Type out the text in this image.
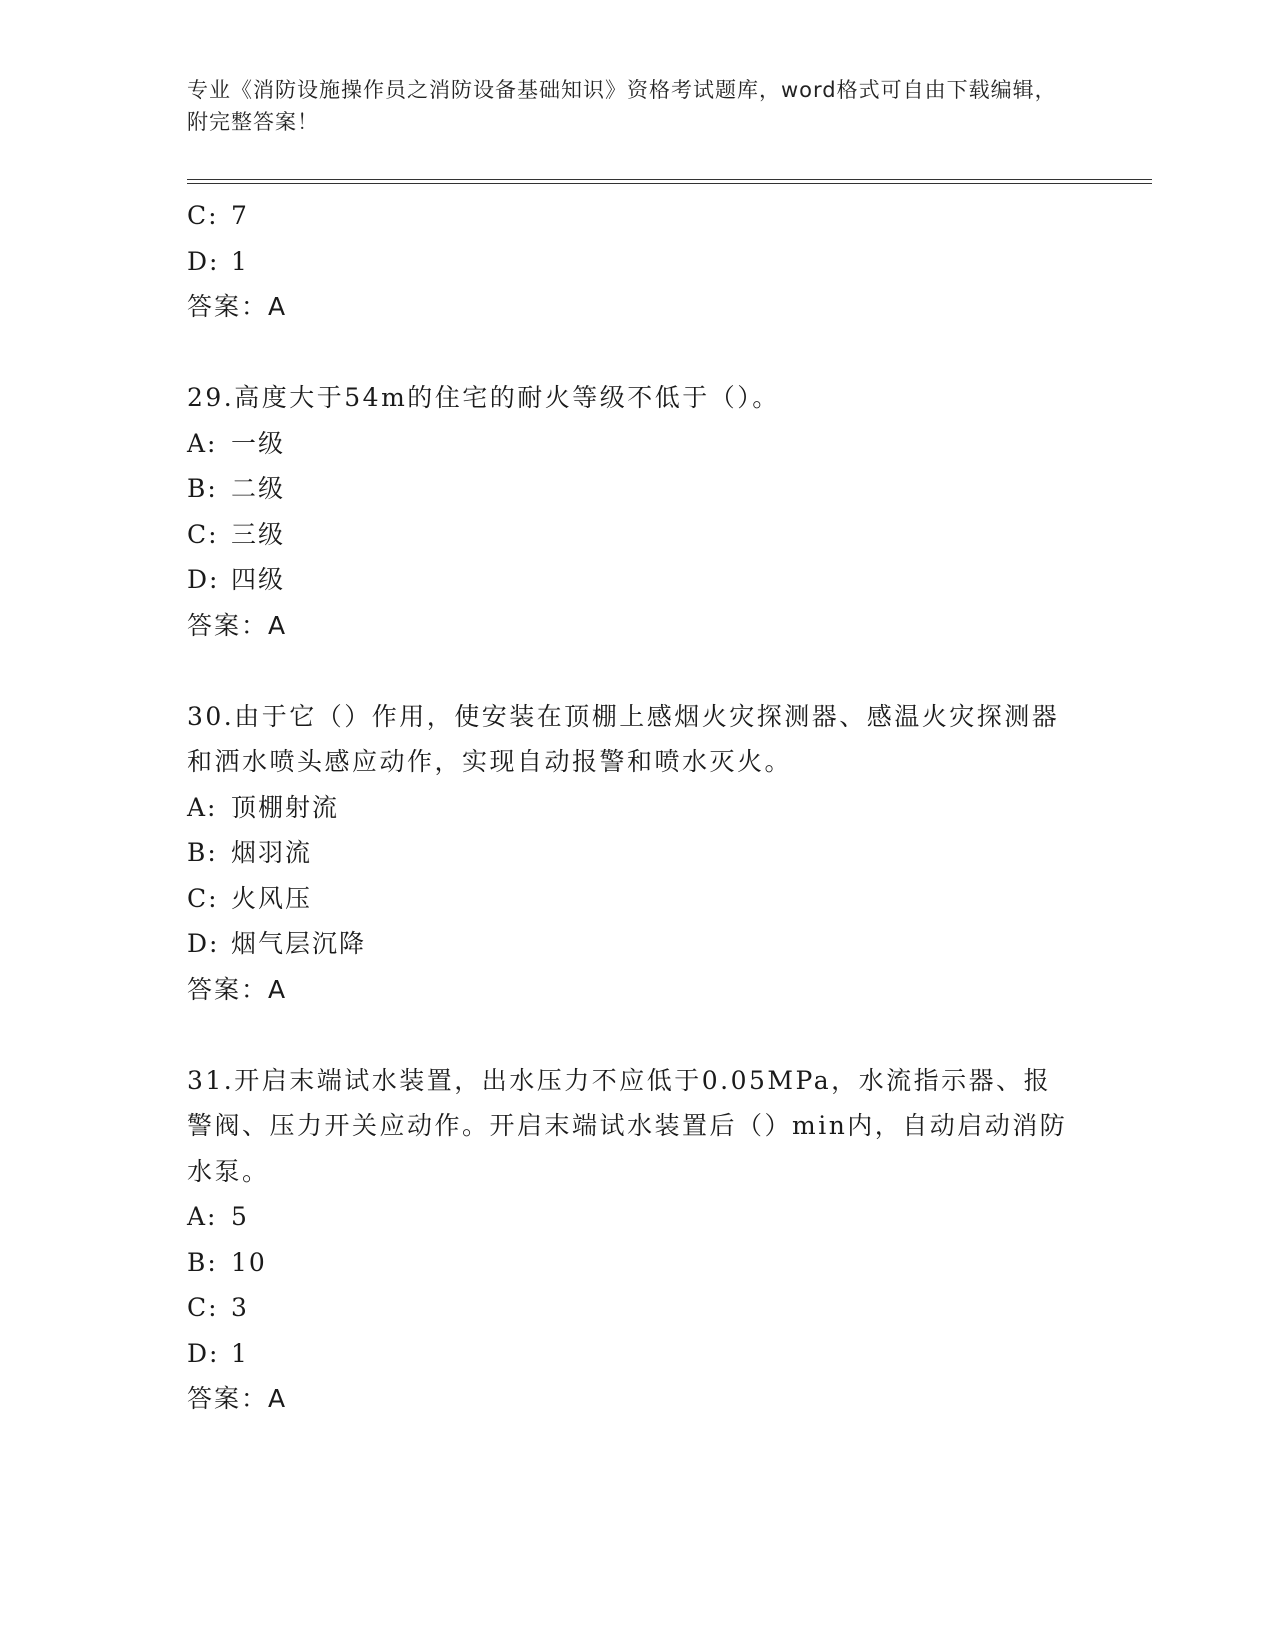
专业《消防设施操作员之消防设备基础知识》资格考试题库，word格式可自由下载编辑，附完整答案！
C: 7
D: 1
答案：A
29.高度大于54m的住宅的耐火等级不低于（）。
A: 一级
B: 二级
C: 三级
D: 四级
答案：A
30.由于它（）作用，使安装在顶棚上感烟火灾探测器、感温火灾探测器和洒水喷头感应动作，实现自动报警和喷水灭火。
A: 顶棚射流
B: 烟羽流
C: 火风压
D: 烟气层沉降
答案：A
31.开启末端试水装置，出水压力不应低于0.05MPa，水流指示器、报警阀、压力开关应动作。开启末端试水装置后（）min内，自动启动消防水泵。
A: 5
B: 10
C: 3
D: 1
答案：A
